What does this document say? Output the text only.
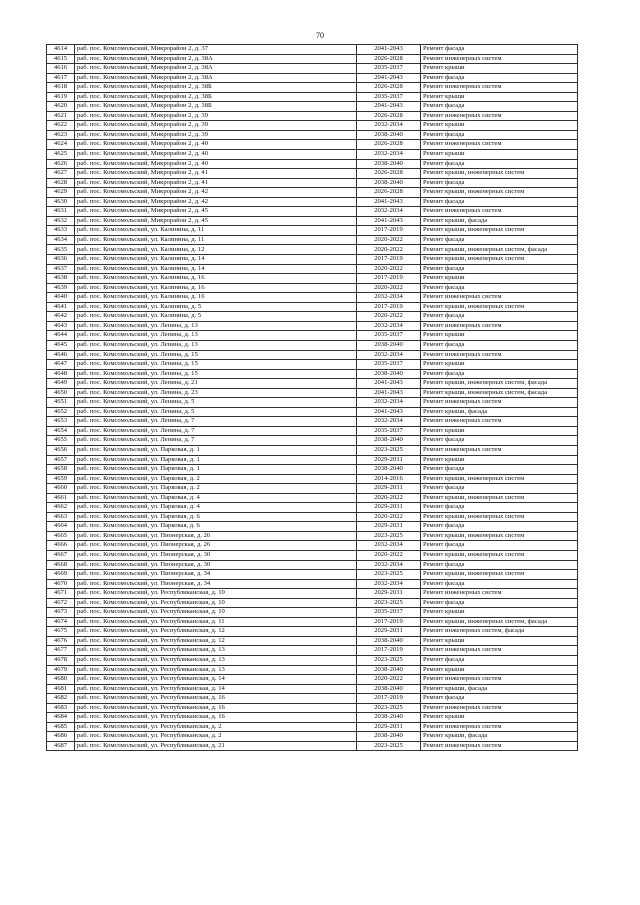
70
4614	раб. пос. Комсомольский, Микрорайон 2, д. 37	2041-2043	Ремонт фасада
4615	раб. пос. Комсомольский, Микрорайон 2, д. 38А	2026-2028	Ремонт инженерных систем
4616	раб. пос. Комсомольский, Микрорайон 2, д. 38А	2035-2037	Ремонт крыши
4617	раб. пос. Комсомольский, Микрорайон 2, д. 38А	2041-2043	Ремонт фасада
4618	раб. пос. Комсомольский, Микрорайон 2, д. 38Б	2026-2028	Ремонт инженерных систем
4619	раб. пос. Комсомольский, Микрорайон 2, д. 38Б	2035-2037	Ремонт крыши
4620	раб. пос. Комсомольский, Микрорайон 2, д. 38Б	2041-2043	Ремонт фасада
4621	раб. пос. Комсомольский, Микрорайон 2, д. 39	2026-2028	Ремонт инженерных систем
4622	раб. пос. Комсомольский, Микрорайон 2, д. 39	2032-2034	Ремонт крыши
4623	раб. пос. Комсомольский, Микрорайон 2, д. 39	2038-2040	Ремонт фасада
4624	раб. пос. Комсомольский, Микрорайон 2, д. 40	2026-2028	Ремонт инженерных систем
4625	раб. пос. Комсомольский, Микрорайон 2, д. 40	2032-2034	Ремонт крыши
4626	раб. пос. Комсомольский, Микрорайон 2, д. 40	2038-2040	Ремонт фасада
4627	раб. пос. Комсомольский, Микрорайон 2, д. 41	2026-2028	Ремонт крыши, инженерных систем
4628	раб. пос. Комсомольский, Микрорайон 2, д. 41	2038-2040	Ремонт фасада
4629	раб. пос. Комсомольский, Микрорайон 2, д. 42	2026-2028	Ремонт крыши, инженерных систем
4630	раб. пос. Комсомольский, Микрорайон 2, д. 42	2041-2043	Ремонт фасада
4631	раб. пос. Комсомольский, Микрорайон 2, д. 45	2032-2034	Ремонт инженерных систем
4632	раб. пос. Комсомольский, Микрорайон 2, д. 45	2041-2043	Ремонт крыши, фасада
4633	раб. пос. Комсомольский, ул. Калинина, д. 11	2017-2019	Ремонт крыши, инженерных систем
4634	раб. пос. Комсомольский, ул. Калинина, д. 11	2020-2022	Ремонт фасада
4635	раб. пос. Комсомольский, ул. Калинина, д. 12	2020-2022	Ремонт крыши, инженерных систем, фасада
4636	раб. пос. Комсомольский, ул. Калинина, д. 14	2017-2019	Ремонт крыши, инженерных систем
4637	раб. пос. Комсомольский, ул. Калинина, д. 14	2020-2022	Ремонт фасада
4638	раб. пос. Комсомольский, ул. Калинина, д. 16	2017-2019	Ремонт крыши
4639	раб. пос. Комсомольский, ул. Калинина, д. 16	2020-2022	Ремонт фасада
4640	раб. пос. Комсомольский, ул. Калинина, д. 16	2032-2034	Ремонт инженерных систем
4641	раб. пос. Комсомольский, ул. Калинина, д. 5	2017-2019	Ремонт крыши, инженерных систем
4642	раб. пос. Комсомольский, ул. Калинина, д. 5	2020-2022	Ремонт фасада
4643	раб. пос. Комсомольский, ул. Ленина, д. 13	2032-2034	Ремонт инженерных систем
4644	раб. пос. Комсомольский, ул. Ленина, д. 13	2035-2037	Ремонт крыши
4645	раб. пос. Комсомольский, ул. Ленина, д. 13	2038-2040	Ремонт фасада
4646	раб. пос. Комсомольский, ул. Ленина, д. 15	2032-2034	Ремонт инженерных систем
4647	раб. пос. Комсомольский, ул. Ленина, д. 15	2035-2037	Ремонт крыши
4648	раб. пос. Комсомольский, ул. Ленина, д. 15	2038-2040	Ремонт фасада
4649	раб. пос. Комсомольский, ул. Ленина, д. 21	2041-2043	Ремонт крыши, инженерных систем, фасада
4650	раб. пос. Комсомольский, ул. Ленина, д. 23	2041-2043	Ремонт крыши, инженерных систем, фасада
4651	раб. пос. Комсомольский, ул. Ленина, д. 5	2032-2034	Ремонт инженерных систем
4652	раб. пос. Комсомольский, ул. Ленина, д. 5	2041-2043	Ремонт крыши, фасада
4653	раб. пос. Комсомольский, ул. Ленина, д. 7	2032-2034	Ремонт инженерных систем
4654	раб. пос. Комсомольский, ул. Ленина, д. 7	2035-2037	Ремонт крыши
4655	раб. пос. Комсомольский, ул. Ленина, д. 7	2038-2040	Ремонт фасада
4656	раб. пос. Комсомольский, ул. Парковая, д. 1	2023-2025	Ремонт инженерных систем
4657	раб. пос. Комсомольский, ул. Парковая, д. 1	2029-2031	Ремонт крыши
4658	раб. пос. Комсомольский, ул. Парковая, д. 1	2038-2040	Ремонт фасада
4659	раб. пос. Комсомольский, ул. Парковая, д. 2	2014-2016	Ремонт крыши, инженерных систем
4660	раб. пос. Комсомольский, ул. Парковая, д. 2	2029-2031	Ремонт фасада
4661	раб. пос. Комсомольский, ул. Парковая, д. 4	2020-2022	Ремонт крыши, инженерных систем
4662	раб. пос. Комсомольский, ул. Парковая, д. 4	2029-2031	Ремонт фасада
4663	раб. пос. Комсомольский, ул. Парковая, д. 6	2020-2022	Ремонт крыши, инженерных систем
4664	раб. пос. Комсомольский, ул. Парковая, д. 6	2029-2031	Ремонт фасада
4665	раб. пос. Комсомольский, ул. Пионерская, д. 26	2023-2025	Ремонт крыши, инженерных систем
4666	раб. пос. Комсомольский, ул. Пионерская, д. 26	2032-2034	Ремонт фасада
4667	раб. пос. Комсомольский, ул. Пионерская, д. 30	2020-2022	Ремонт крыши, инженерных систем
4668	раб. пос. Комсомольский, ул. Пионерская, д. 30	2032-2034	Ремонт фасада
4669	раб. пос. Комсомольский, ул. Пионерская, д. 34	2023-2025	Ремонт крыши, инженерных систем
4670	раб. пос. Комсомольский, ул. Пионерская, д. 34	2032-2034	Ремонт фасада
4671	раб. пос. Комсомольский, ул. Республиканская, д. 10	2029-2031	Ремонт инженерных систем
4672	раб. пос. Комсомольский, ул. Республиканская, д. 10	2023-2025	Ремонт фасада
4673	раб. пос. Комсомольский, ул. Республиканская, д. 10	2035-2037	Ремонт крыши
4674	раб. пос. Комсомольский, ул. Республиканская, д. 11	2017-2019	Ремонт крыши, инженерных систем, фасада
4675	раб. пос. Комсомольский, ул. Республиканская, д. 12	2029-2031	Ремонт инженерных систем, фасада
4676	раб. пос. Комсомольский, ул. Республиканская, д. 12	2038-2040	Ремонт крыши
4677	раб. пос. Комсомольский, ул. Республиканская, д. 13	2017-2019	Ремонт инженерных систем
4678	раб. пос. Комсомольский, ул. Республиканская, д. 13	2023-2025	Ремонт фасада
4679	раб. пос. Комсомольский, ул. Республиканская, д. 13	2038-2040	Ремонт крыши
4680	раб. пос. Комсомольский, ул. Республиканская, д. 14	2020-2022	Ремонт инженерных систем
4681	раб. пос. Комсомольский, ул. Республиканская, д. 14	2038-2040	Ремонт крыши, фасада
4682	раб. пос. Комсомольский, ул. Республиканская, д. 16	2017-2019	Ремонт фасада
4683	раб. пос. Комсомольский, ул. Республиканская, д. 16	2023-2025	Ремонт инженерных систем
4684	раб. пос. Комсомольский, ул. Республиканская, д. 16	2038-2040	Ремонт крыши
4685	раб. пос. Комсомольский, ул. Республиканская, д. 2	2029-2031	Ремонт инженерных систем
4686	раб. пос. Комсомольский, ул. Республиканская, д. 2	2038-2040	Ремонт крыши, фасада
4687	раб. пос. Комсомольский, ул. Республиканская, д. 21	2023-2025	Ремонт инженерных систем
